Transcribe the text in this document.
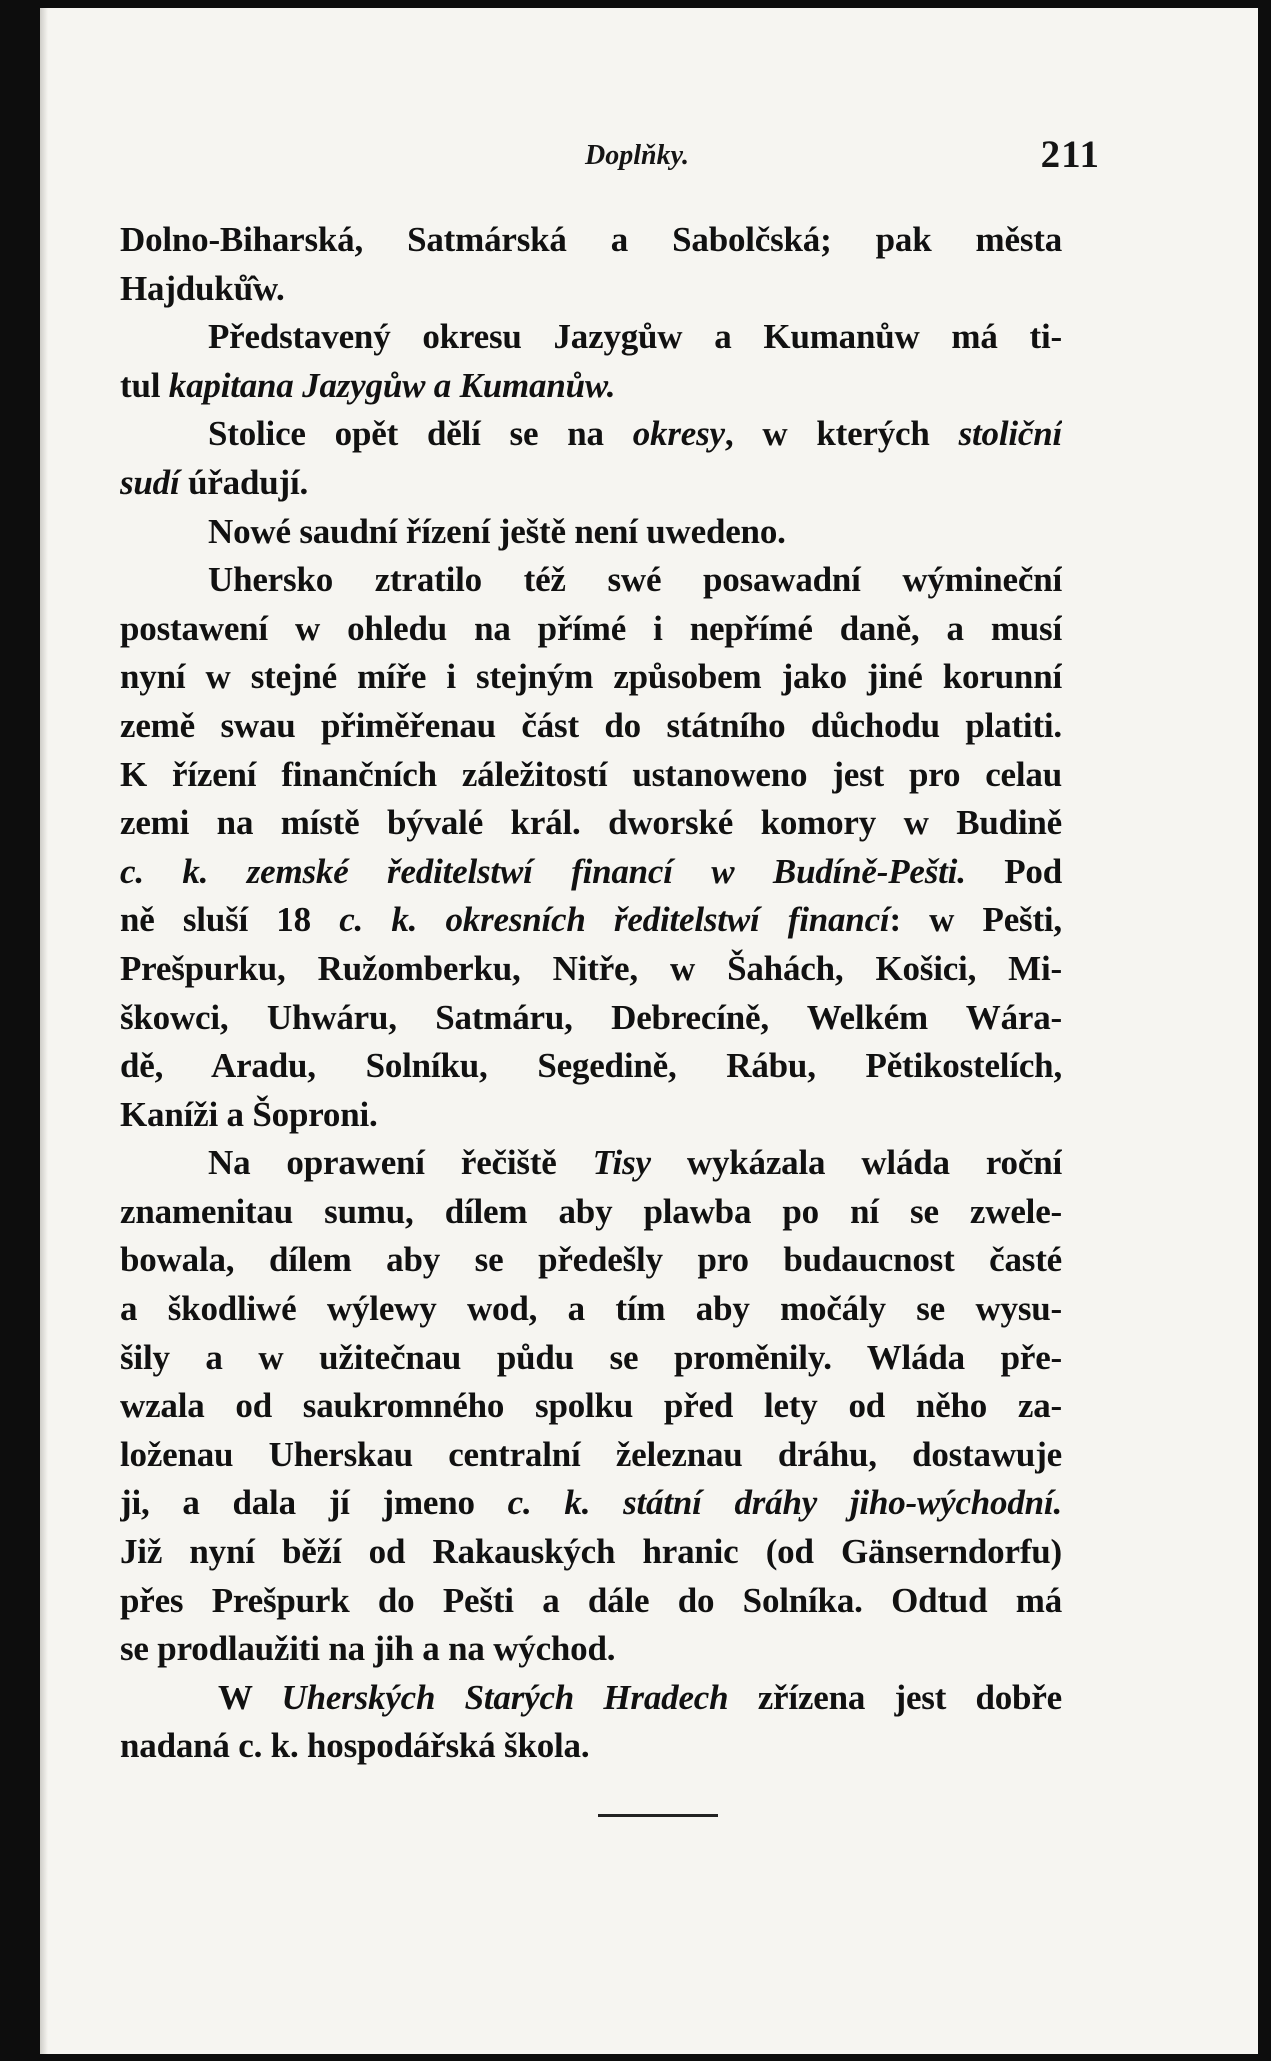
Doplňky.	211
Dolno-Biharská, Satmárská a Sabolčská; pak města
Hajduků̂w.
Představený okresu Jazygůw a Kumanůw má ti-
tul kapitana Jazygůw a Kumanůw.
Stolice opět dělí se na okresy, w kterých stoliční
sudí úřadují.
Nowé saudní řízení ještě není uwedeno.
Uhersko ztratilo též swé posawadní wýmineční
postawení w ohledu na přímé i nepřímé daně, a musí
nyní w stejné míře i stejným způsobem jako jiné korunní
země swau přiměřenau část do státního důchodu platiti.
K řízení finančních záležitostí ustanoweno jest pro celau
zemi na místě bývalé král. dworské komory w Budině
c. k. zemské ředitelstwí financí w Budíně-Pešti. Pod
ně sluší 18 c. k. okresních ředitelstwí financí: w Pešti,
Prešpurku, Ružomberku, Nitře, w Šahách, Košici, Mi-
škowci, Uhwáru, Satmáru, Debrecíně, Welkém Wára-
dě, Aradu, Solníku, Segedině, Rábu, Pětikostelích,
Kaníži a Šoproni.
Na oprawení řečiště Tisy wykázala wláda roční
znamenitau sumu, dílem aby plawba po ní se zwele-
bowala, dílem aby se předešly pro budaucnost časté
a škodliwé wýlewy wod, a tím aby močály se wysu-
šily a w užitečnau půdu se proměnily. Wláda pře-
wzala od saukromného spolku před lety od něho za-
loženau Uherskau centralní železnau dráhu, dostawuje
ji, a dala jí jmeno c. k. státní dráhy jiho-wýchodní.
Již nyní běží od Rakauských hranic (od Gänserndorfu)
přes Prešpurk do Pešti a dále do Solníka. Odtud má
se prodlaužiti na jih a na wýchod.
W Uherských Starých Hradech zřízena jest dobře
nadaná c. k. hospodářská škola.
